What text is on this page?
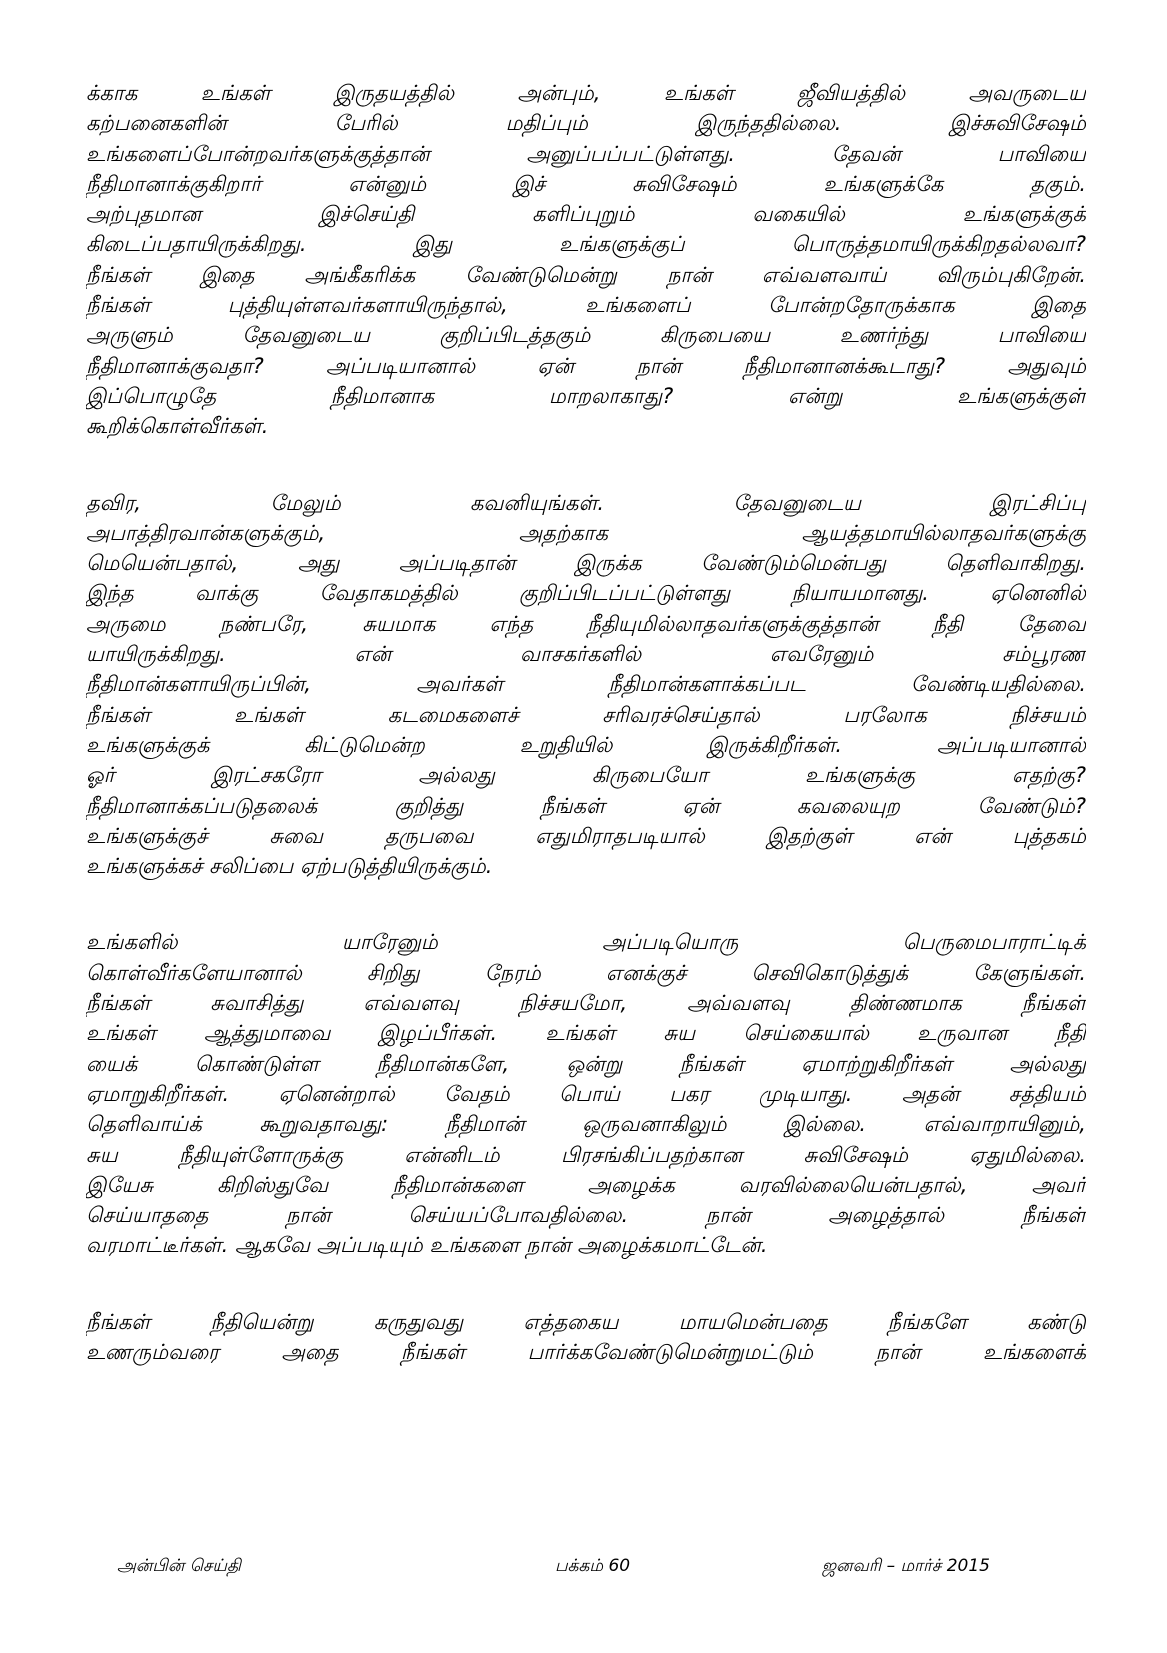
க்காக உங்கள் இருதயத்தில் அன்பும், உங்கள் ஜீவியத்தில் அவருடைய
கற்பனைகளின் பேரில் மதிப்பும் இருந்ததில்லை. இச்சுவிசேஷம்
உங்களைப்போன்றவர்களுக்குத்தான் அனுப்பப்பட்டுள்ளது. தேவன் பாவியை
நீதிமானாக்குகிறார் என்னும் இச் சுவிசேஷம் உங்களுக்கே தகும்.
அற்புதமான இச்செய்தி களிப்புறும் வகையில் உங்களுக்குக்
கிடைப்பதாயிருக்கிறது. இது உங்களுக்குப் பொருத்தமாயிருக்கிறதல்லவா?
நீங்கள் இதை அங்கீகரிக்க வேண்டுமென்று நான் எவ்வளவாய் விரும்புகிறேன்.
நீங்கள் புத்தியுள்ளவர்களாயிருந்தால், உங்களைப் போன்றதோருக்காக இதை
அருளும் தேவனுடைய குறிப்பிடத்தகும் கிருபையை உணர்ந்து பாவியை
நீதிமானாக்குவதா? அப்படியானால் ஏன் நான் நீதிமானானக்கூடாது? அதுவும்
இப்பொழுதே நீதிமானாக மாறலாகாது? என்று உங்களுக்குள்
கூறிக்கொள்வீர்கள்.
தவிர, மேலும் கவனியுங்கள். தேவனுடைய இரட்சிப்பு
அபாத்திரவான்களுக்கும், அதற்காக ஆயத்தமாயில்லாதவர்களுக்கு
மெயென்பதால், அது அப்படிதான் இருக்க வேண்டும்மென்பது தெளிவாகிறது.
இந்த வாக்கு வேதாகமத்தில் குறிப்பிடப்பட்டுள்ளது நியாயமானது. ஏனெனில்
அருமை நண்பரே, சுயமாக எந்த நீதியுமில்லாதவர்களுக்குத்தான் நீதி தேவை
யாயிருக்கிறது. என் வாசகர்களில் எவரேனும் சம்பூரண
நீதிமான்களாயிருப்பின், அவர்கள் நீதிமான்களாக்கப்பட வேண்டியதில்லை.
நீங்கள் உங்கள் கடமைகளைச் சரிவரச்செய்தால் பரலோக நிச்சயம்
உங்களுக்குக் கிட்டுமென்ற உறுதியில் இருக்கிறீர்கள். அப்படியானால்
ஓர் இரட்சகரோ அல்லது கிருபையோ உங்களுக்கு எதற்கு?
நீதிமானாக்கப்படுதலைக் குறித்து நீங்கள் ஏன் கவலையுற வேண்டும்?
உங்களுக்குச் சுவை தருபவை எதுமிராதபடியால் இதற்குள் என் புத்தகம்
உங்களுக்கச் சலிப்பை ஏற்படுத்தியிருக்கும்.
உங்களில் யாரேனும் அப்படியொரு பெருமைபாராட்டிக்
கொள்வீர்களேயானால் சிறிது நேரம் எனக்குச் செவிகொடுத்துக் கேளுங்கள்.
நீங்கள் சுவாசித்து எவ்வளவு நிச்சயமோ, அவ்வளவு திண்ணமாக நீங்கள்
உங்கள் ஆத்துமாவை இழப்பீர்கள். உங்கள் சுய செய்கையால் உருவான நீதி
யைக் கொண்டுள்ள நீதிமான்களே, ஒன்று நீங்கள் ஏமாற்றுகிறீர்கள் அல்லது
ஏமாறுகிறீர்கள். ஏனென்றால் வேதம் பொய் பகர முடியாது. அதன் சத்தியம்
தெளிவாய்க் கூறுவதாவது: நீதிமான் ஒருவனாகிலும் இல்லை. எவ்வாறாயினும்,
சுய நீதியுள்ளோருக்கு என்னிடம் பிரசங்கிப்பதற்கான சுவிசேஷம் ஏதுமில்லை.
இயேசு கிறிஸ்துவே நீதிமான்களை அழைக்க வரவில்லையென்பதால், அவர்
செய்யாததை நான் செய்யப்போவதில்லை. நான் அழைத்தால் நீங்கள்
வரமாட்டீர்கள். ஆகவே அப்படியும் உங்களை நான் அழைக்கமாட்டேன்.
நீங்கள் நீதியென்று கருதுவது எத்தகைய மாயமென்பதை நீங்களே கண்டு
உணரும்வரை அதை நீங்கள் பார்க்கவேண்டுமென்றுமட்டும் நான் உங்களைக்
அன்பின் செய்தி	பக்கம் 60	ஜனவரி – மார்ச் 2015
